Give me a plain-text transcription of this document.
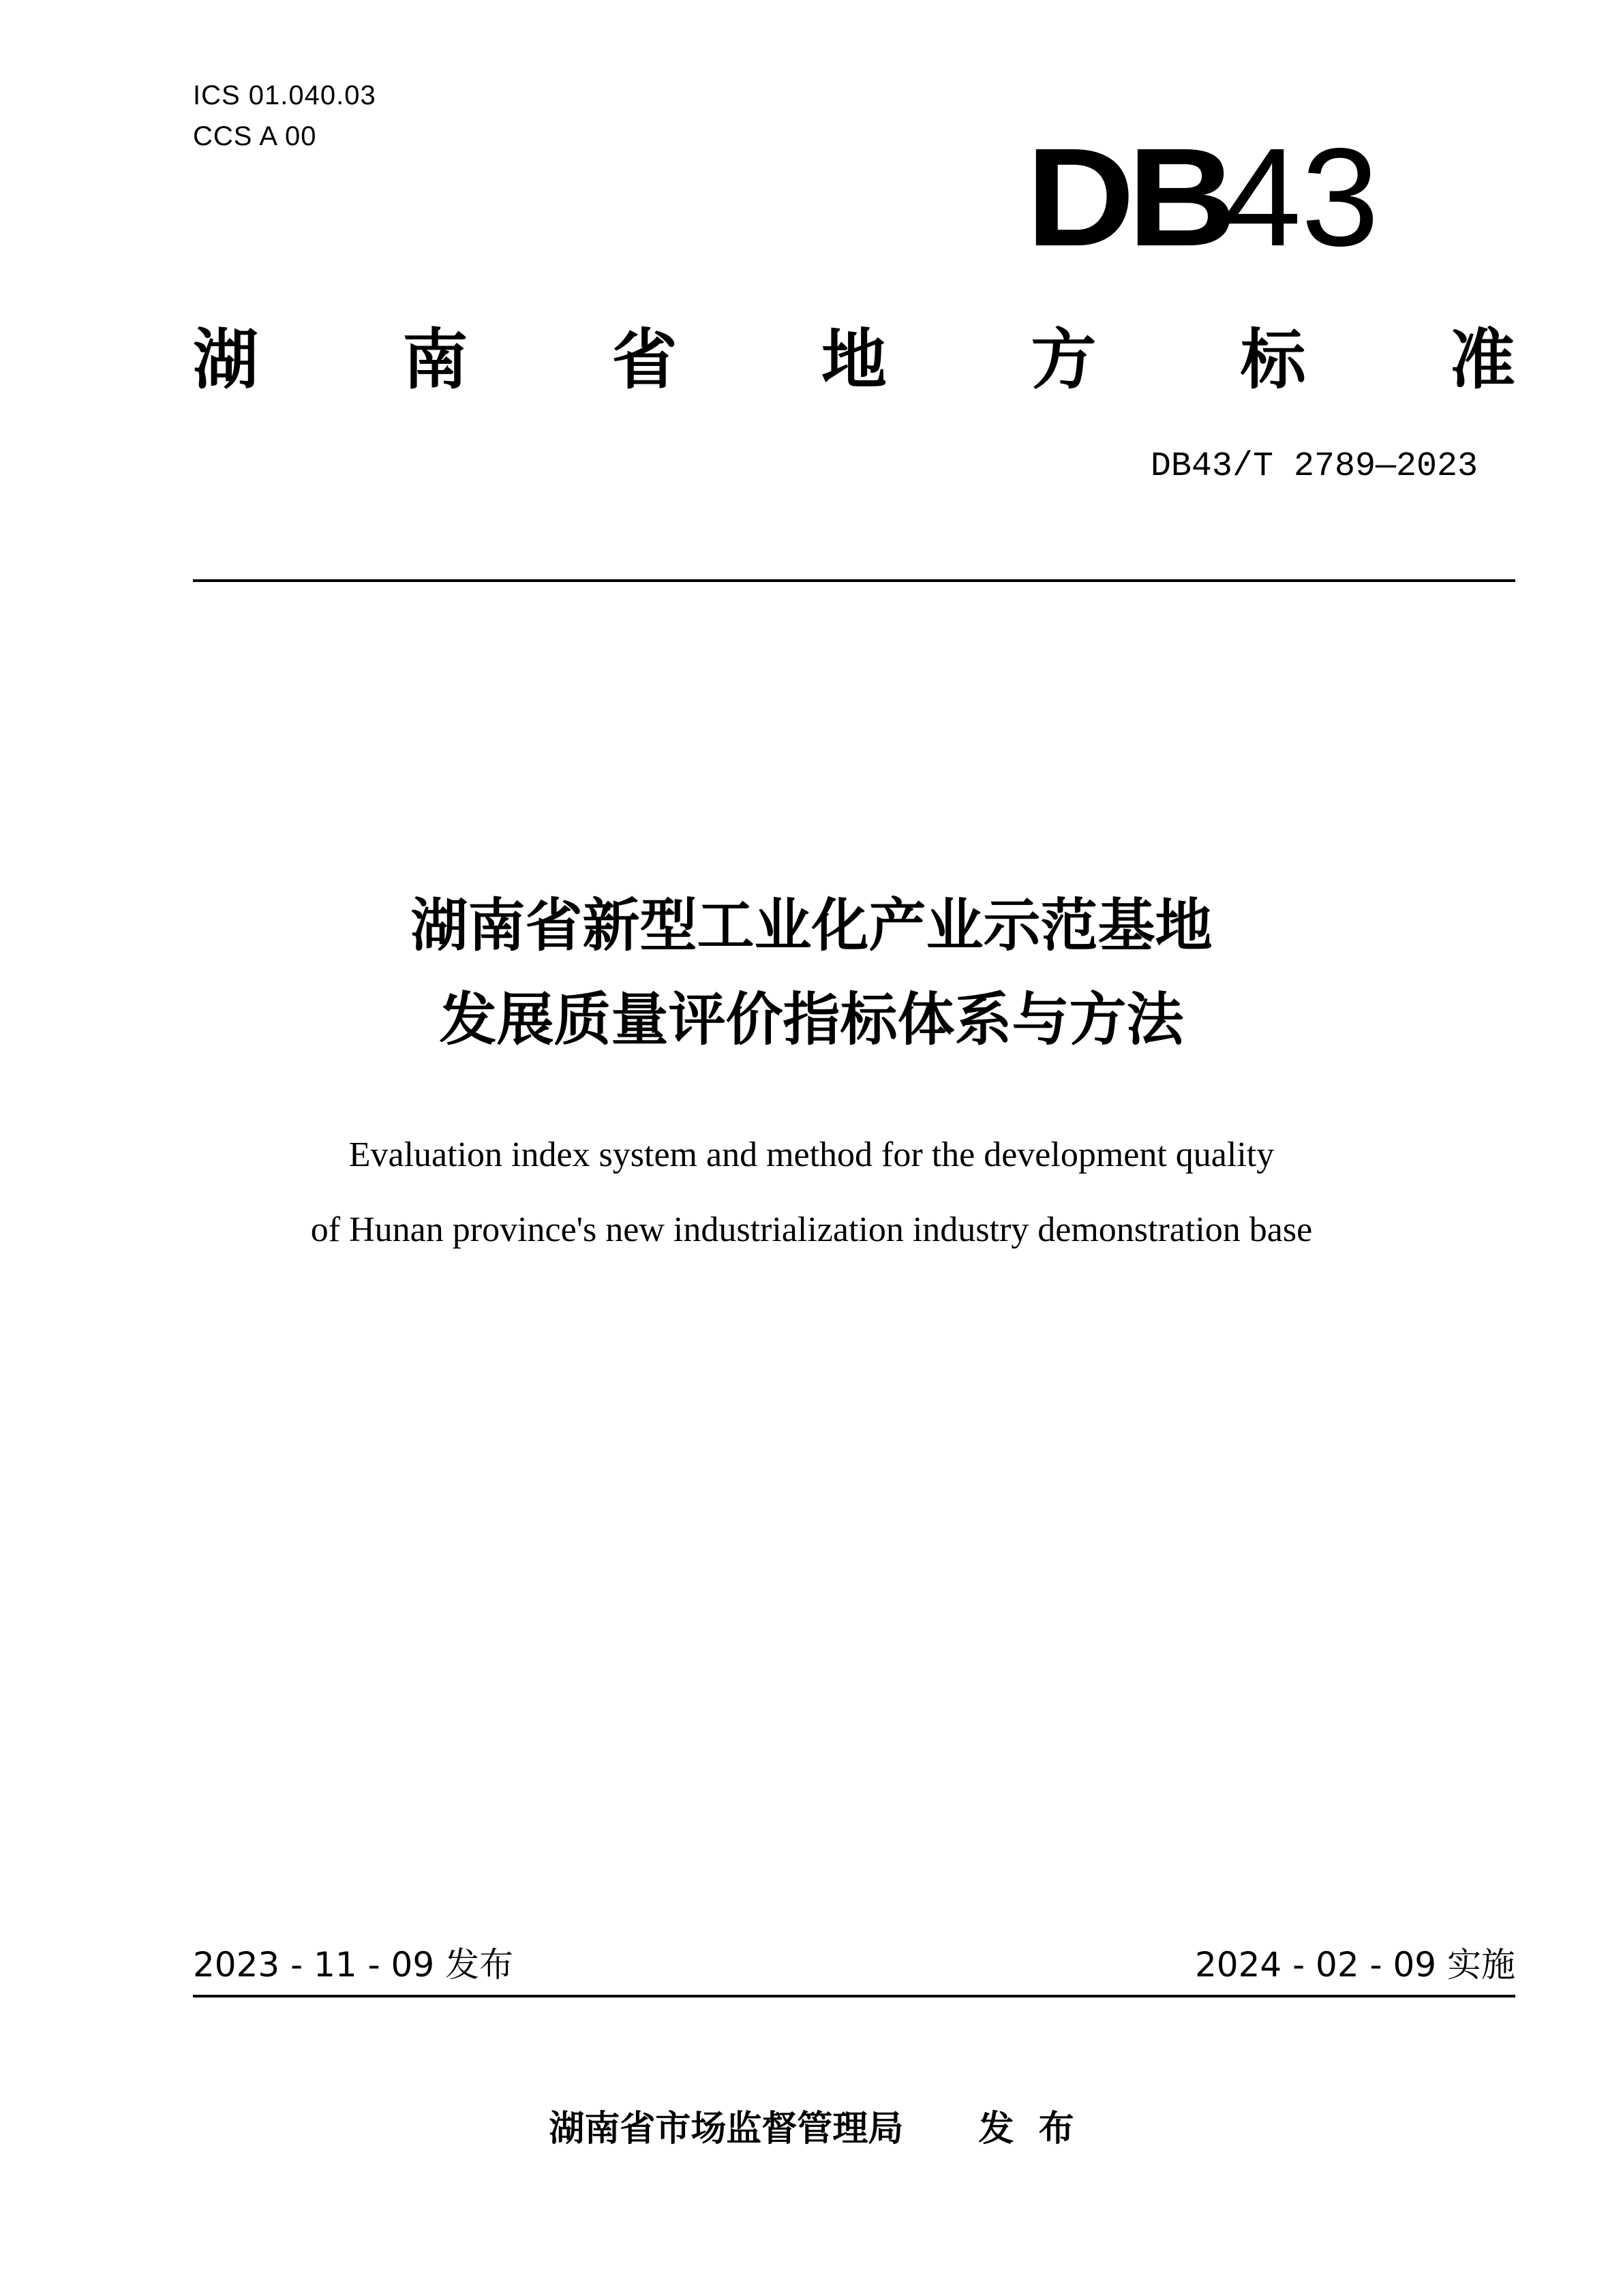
ICS 01.040.03
CCS A 00	DB
43
湖 南 省 地 方 标 准
DB43/T 2789—2023
湖南省新型工业化产业示范基地
发展质量评价指标体系与方法
Evaluation index system and method for the development quality
of Hunan province's new industrialization industry demonstration base
2023 - 11 - 09 发布	2024 - 02 - 09 实施
湖南省市场监督管理局 发  布
